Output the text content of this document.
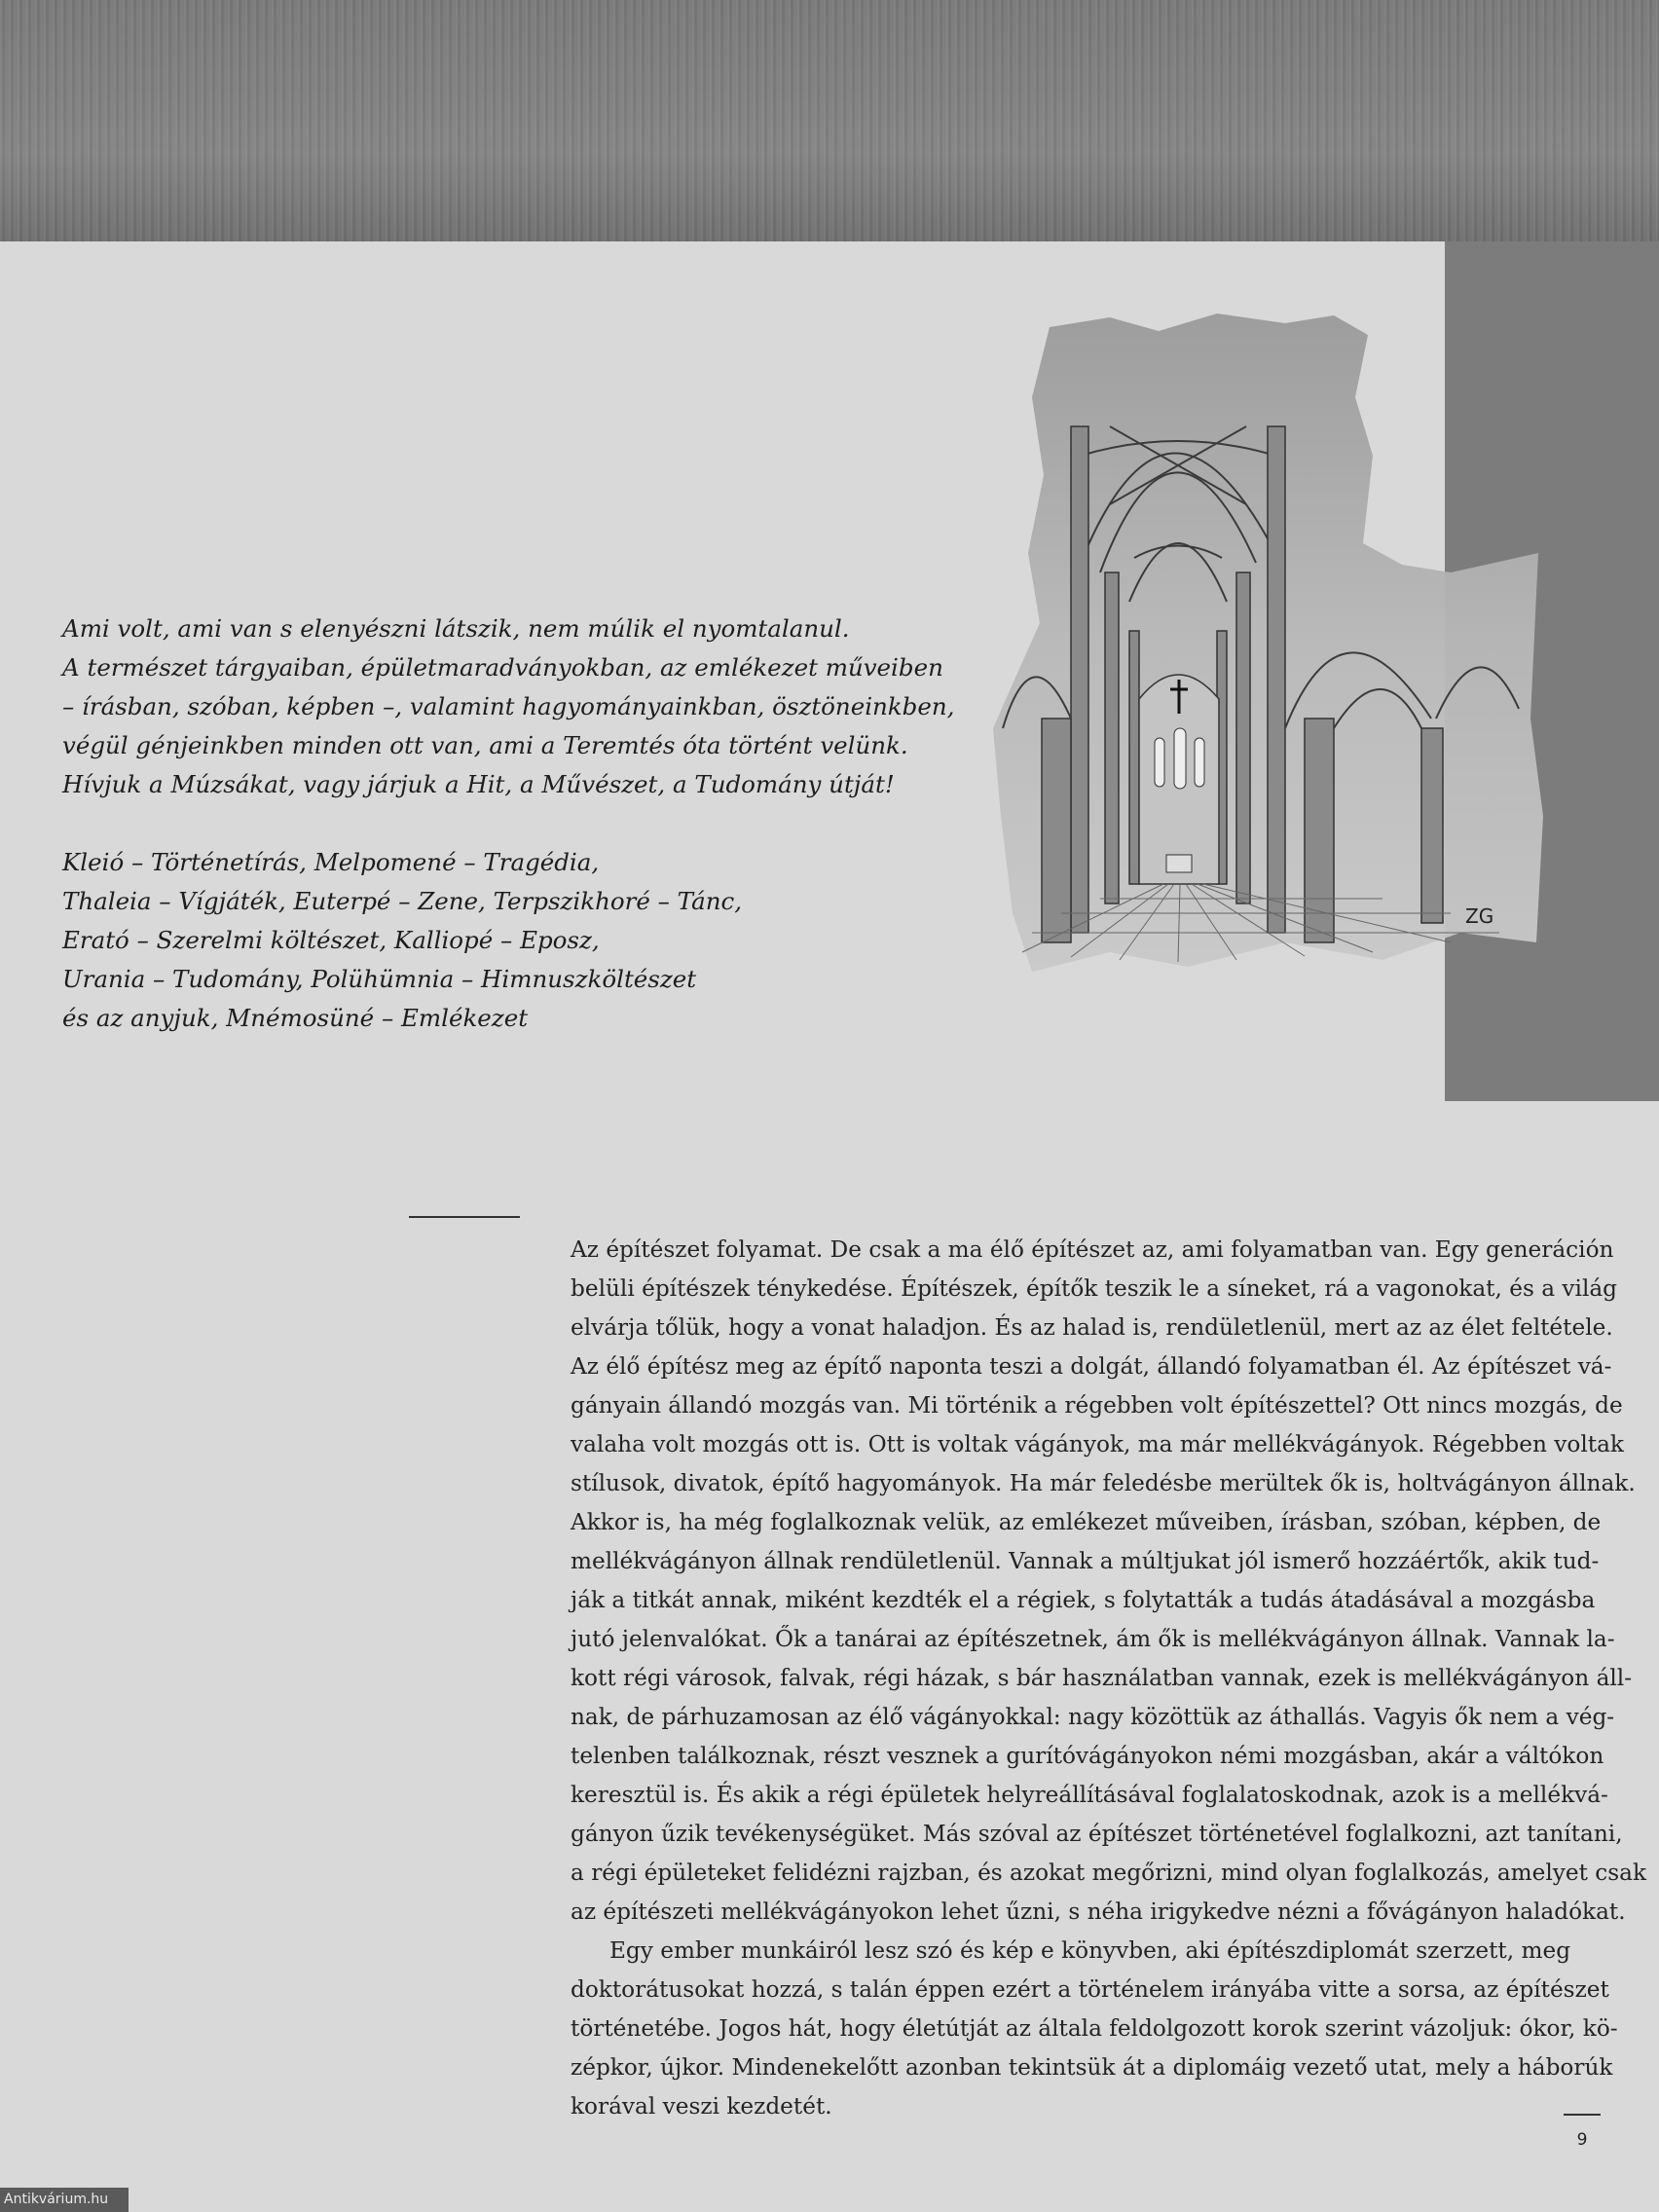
Ami volt, ami van s elenyészni látszik, nem múlik el nyomtalanul.
A természet tárgyaiban, épületmaradványokban, az emlékezet műveiben
– írásban, szóban, képben –, valamint hagyományainkban, ösztöneinkben,
végül génjeinkben minden ott van, ami a Teremtés óta történt velünk.
Hívjuk a Múzsákat, vagy járjuk a Hit, a Művészet, a Tudomány útját!
Kleió – Történetírás, Melpomené – Tragédia,
Thaleia – Vígjáték, Euterpé – Zene, Terpszikhoré – Tánc,
Erató – Szerelmi költészet, Kalliopé – Eposz,
Urania – Tudomány, Polühümnia – Himnuszköltészet
és az anyjuk, Mnémosüné – Emlékezet
ZG
Az építészet folyamat. De csak a ma élő építészet az, ami folyamatban van. Egy generáción
belüli építészek ténykedése. Építészek, építők teszik le a síneket, rá a vagonokat, és a világ
elvárja tőlük, hogy a vonat haladjon. És az halad is, rendületlenül, mert az az élet feltétele.
Az élő építész meg az építő naponta teszi a dolgát, állandó folyamatban él. Az építészet vá-
gányain állandó mozgás van. Mi történik a régebben volt építészettel? Ott nincs mozgás, de
valaha volt mozgás ott is. Ott is voltak vágányok, ma már mellékvágányok. Régebben voltak
stílusok, divatok, építő hagyományok. Ha már feledésbe merültek ők is, holtvágányon állnak.
Akkor is, ha még foglalkoznak velük, az emlékezet műveiben, írásban, szóban, képben, de
mellékvágányon állnak rendületlenül. Vannak a múltjukat jól ismerő hozzáértők, akik tud-
ják a titkát annak, miként kezdték el a régiek, s folytatták a tudás átadásával a mozgásba
jutó jelenvalókat. Ők a tanárai az építészetnek, ám ők is mellékvágányon állnak. Vannak la-
kott régi városok, falvak, régi házak, s bár használatban vannak, ezek is mellékvágányon áll-
nak, de párhuzamosan az élő vágányokkal: nagy közöttük az áthallás. Vagyis ők nem a vég-
telenben találkoznak, részt vesznek a gurítóvágányokon némi mozgásban, akár a váltókon
keresztül is. És akik a régi épületek helyreállításával foglalatoskodnak, azok is a mellékvá-
gányon űzik tevékenységüket. Más szóval az építészet történetével foglalkozni, azt tanítani,
a régi épületeket felidézni rajzban, és azokat megőrizni, mind olyan foglalkozás, amelyet csak
az építészeti mellékvágányokon lehet űzni, s néha irigykedve nézni a fővágányon haladókat.
Egy ember munkáiról lesz szó és kép e könyvben, aki építészdiplomát szerzett, meg
doktorátusokat hozzá, s talán éppen ezért a történelem irányába vitte a sorsa, az építészet
történetébe. Jogos hát, hogy életútját az általa feldolgozott korok szerint vázoljuk: ókor, kö-
zépkor, újkor. Mindenekelőtt azonban tekintsük át a diplomáig vezető utat, mely a háborúk
korával veszi kezdetét.
9
Antikvárium.hu
